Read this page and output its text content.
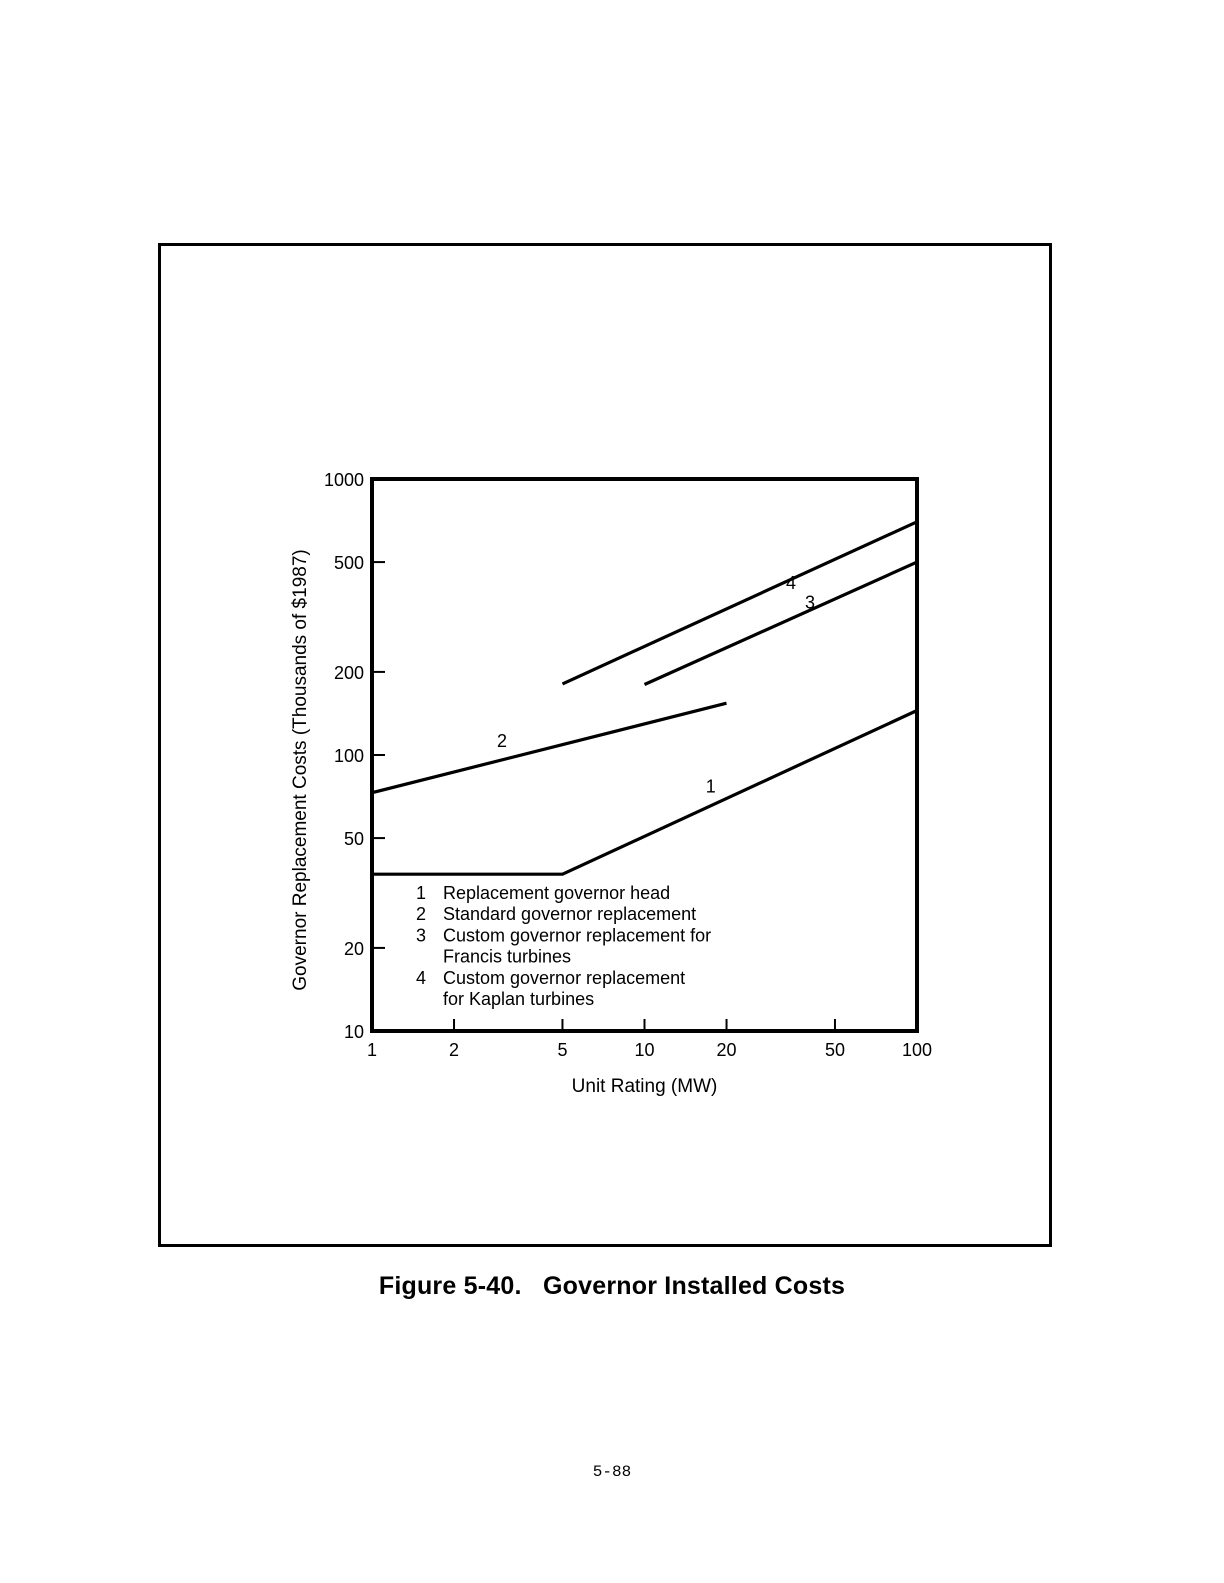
10
20
50
100
200
500
1000
1	2	5	10	20	50	100
Unit Rating (MW)
Governor Replacement Costs (Thousands of $1987)	1
2
3
4
1 Replacement governor head
2 Standard governor replacement
3 Custom governor replacement for
Francis turbines
4 Custom governor replacement
for Kaplan turbines
Figure 5-40.   Governor Installed Costs
5-88
